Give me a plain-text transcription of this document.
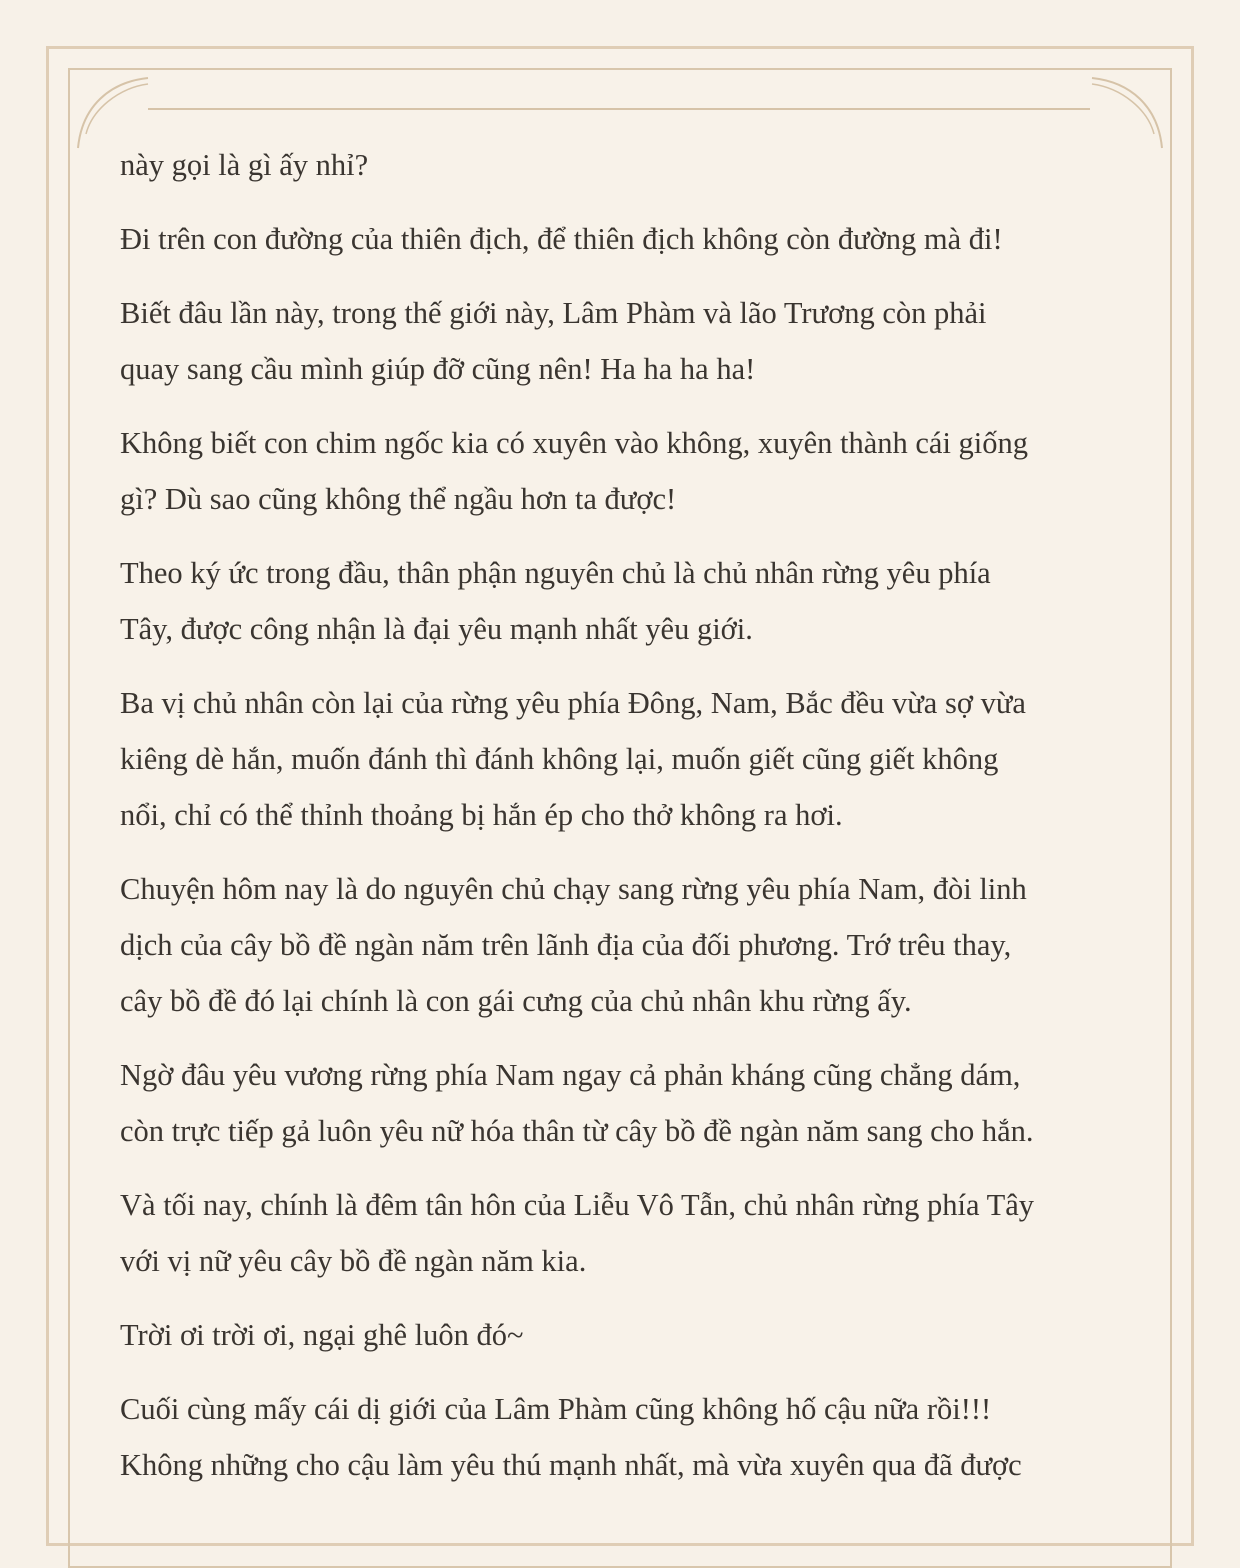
này gọi là gì ấy nhỉ?

Đi trên con đường của thiên địch, để thiên địch không còn đường mà đi!

Biết đâu lần này, trong thế giới này, Lâm Phàm và lão Trương còn phải
quay sang cầu mình giúp đỡ cũng nên! Ha ha ha ha!

Không biết con chim ngốc kia có xuyên vào không, xuyên thành cái giống
gì? Dù sao cũng không thể ngầu hơn ta được!

Theo ký ức trong đầu, thân phận nguyên chủ là chủ nhân rừng yêu phía
Tây, được công nhận là đại yêu mạnh nhất yêu giới.

Ba vị chủ nhân còn lại của rừng yêu phía Đông, Nam, Bắc đều vừa sợ vừa
kiêng dè hắn, muốn đánh thì đánh không lại, muốn giết cũng giết không
nổi, chỉ có thể thỉnh thoảng bị hắn ép cho thở không ra hơi.

Chuyện hôm nay là do nguyên chủ chạy sang rừng yêu phía Nam, đòi linh
dịch của cây bồ đề ngàn năm trên lãnh địa của đối phương. Trớ trêu thay,
cây bồ đề đó lại chính là con gái cưng của chủ nhân khu rừng ấy.

Ngờ đâu yêu vương rừng phía Nam ngay cả phản kháng cũng chẳng dám,
còn trực tiếp gả luôn yêu nữ hóa thân từ cây bồ đề ngàn năm sang cho hắn.

Và tối nay, chính là đêm tân hôn của Liễu Vô Tẫn, chủ nhân rừng phía Tây
với vị nữ yêu cây bồ đề ngàn năm kia.

Trời ơi trời ơi, ngại ghê luôn đó~

Cuối cùng mấy cái dị giới của Lâm Phàm cũng không hố cậu nữa rồi!!!
Không những cho cậu làm yêu thú mạnh nhất, mà vừa xuyên qua đã được
